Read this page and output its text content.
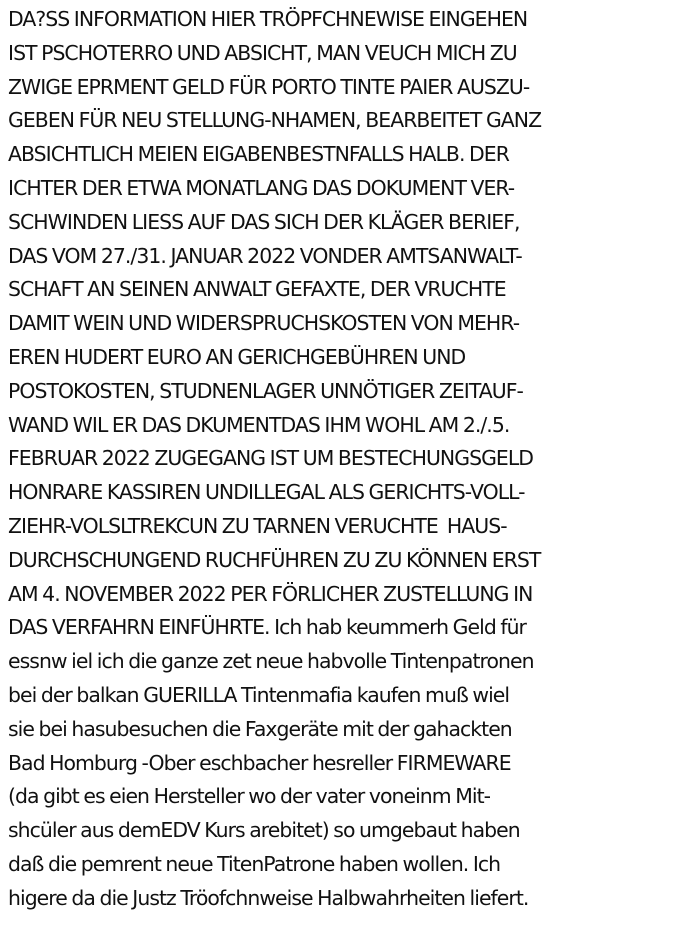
DA?SS INFORMATION HIER TRÖPFCHNEWISE EINGEHEN
IST PSCHOTERRO UND ABSICHT, MAN VEUCH MICH ZU
ZWIGE EPRMENT GELD FÜR PORTO TINTE PAIER AUSZU-
GEBEN FÜR NEU STELLUNG-NHAMEN, BEARBEITET GANZ
ABSICHTLICH MEIEN EIGABENBESTNFALLS HALB. DER
ICHTER DER ETWA MONATLANG DAS DOKUMENT VER-
SCHWINDEN LIESS AUF DAS SICH DER KLÄGER BERIEF,
DAS VOM 27./31. JANUAR 2022 VONDER AMTSANWALT-
SCHAFT AN SEINEN ANWALT GEFAXTE, DER VRUCHTE
DAMIT WEIN UND WIDERSPRUCHSKOSTEN VON MEHR-
EREN HUDERT EURO AN GERICHGEBÜHREN UND
POSTOKOSTEN, STUDNENLAGER UNNÖTIGER ZEITAUF-
WAND WIL ER DAS DKUMENTDAS IHM WOHL AM 2./.5.
FEBRUAR 2022 ZUGEGANG IST UM BESTECHUNGSGELD
HONRARE KASSIREN UNDILLEGAL ALS GERICHTS-VOLL-
ZIEHR-VOLSLTREKCUN ZU TARNEN VERUCHTE  HAUS-
DURCHSCHUNGEND RUCHFÜHREN ZU ZU KÖNNEN ERST
AM 4. NOVEMBER 2022 PER FÖRLICHER ZUSTELLUNG IN
DAS VERFAHRN EINFÜHRTE. Ich hab keummerh Geld für
essnw iel ich die ganze zet neue habvolle Tintenpatronen
bei der balkan GUERILLA Tintenmafia kaufen muß wiel
sie bei hasubesuchen die Faxgeräte mit der gahackten
Bad Homburg -Ober eschbacher hesreller FIRMEWARE
(da gibt es eien Hersteller wo der vater voneinm Mit-
shcüler aus demEDV Kurs arebitet) so umgebaut haben
daß die pemrent neue TitenPatrone haben wollen. Ich
higere da die Justz Tröofchnweise Halbwahrheiten liefert.
